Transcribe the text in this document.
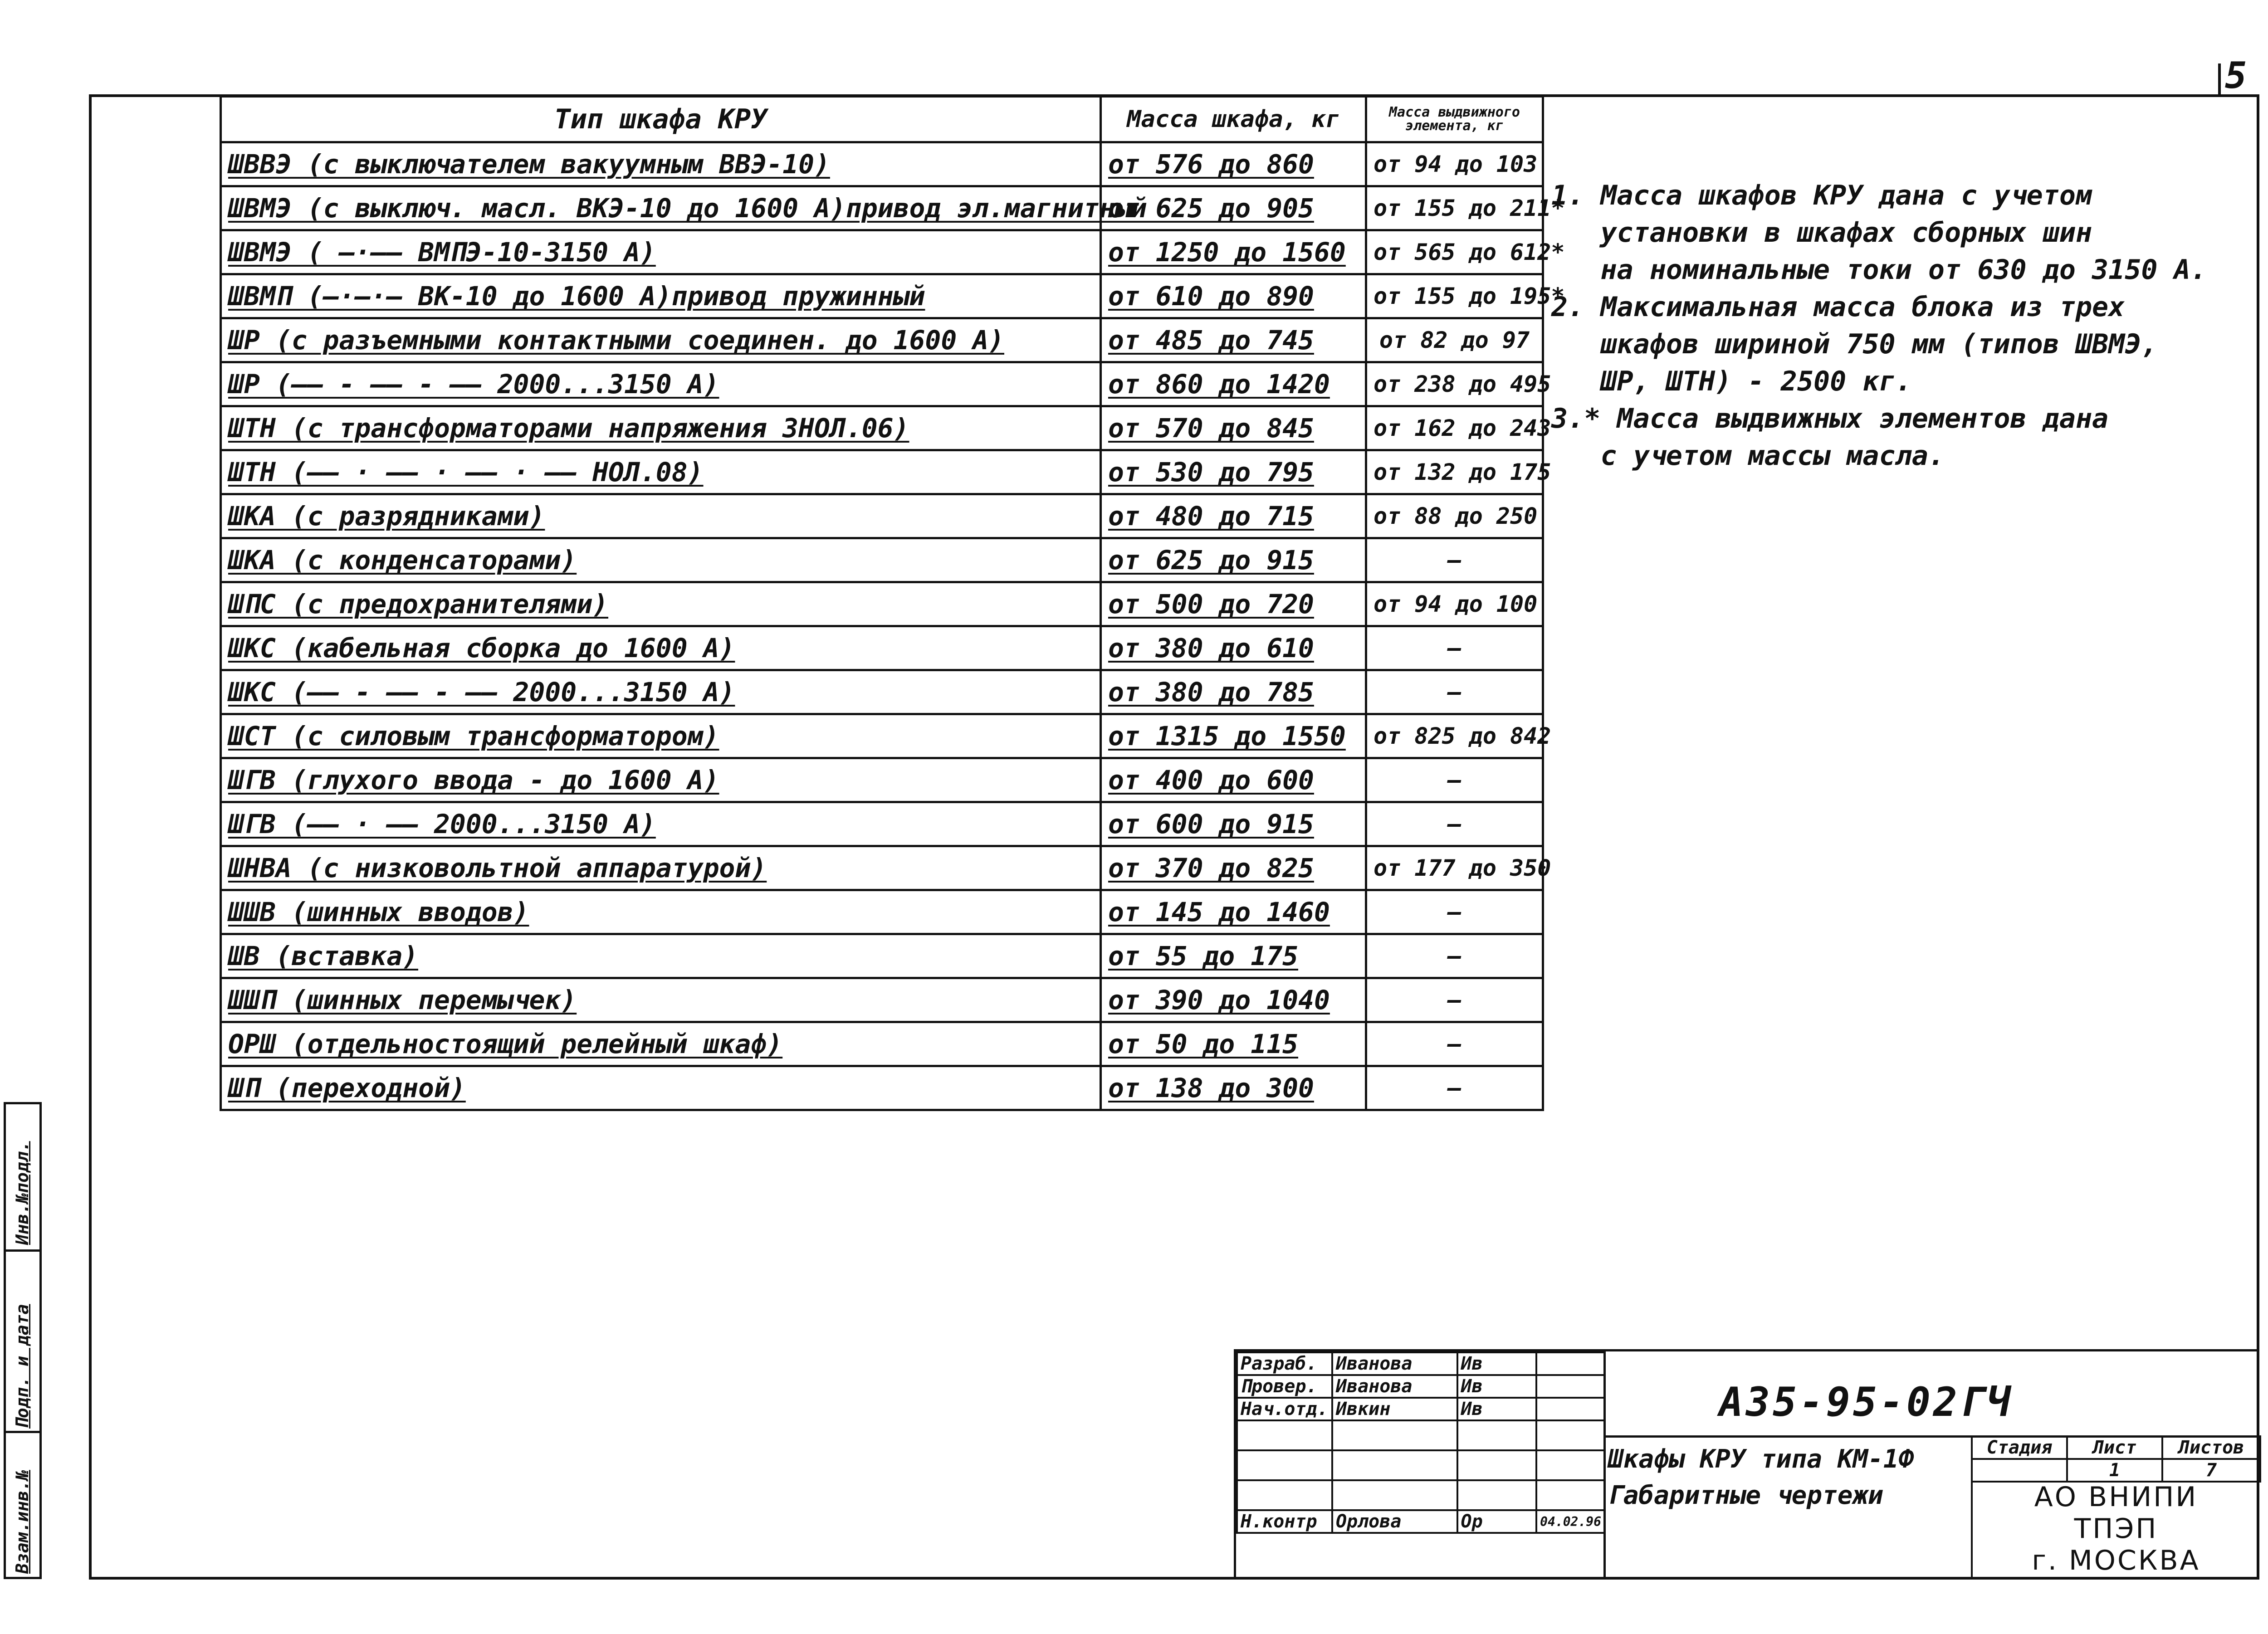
5
Тип шкафа КРУ	Масса шкафа, кг	Масса выдвижного элемента, кг
ШВВЭ (с выключателем вакуумным ВВЭ-10)	от 576 до 860	от 94 до 103
ШВМЭ (с выключ. масл. ВКЭ-10 до 1600 А)привод эл.магнитный	от 625 до 905	от 155 до 211*
ШВМЭ ( —·—— ВМПЭ-10-3150 А)	от 1250 до 1560	от 565 до 612*
ШВМП (—·—·— ВК-10 до 1600 А)привод пружинный	от 610 до 890	от 155 до 195*
ШР (с разъемными контактными соединен. до 1600 А)	от 485 до 745	от 82 до 97
ШР (—— - —— - —— 2000...3150 А)	от 860 до 1420	от 238 до 495
ШТН (с трансформаторами напряжения ЗНОЛ.06)	от 570 до 845	от 162 до 243
ШТН (—— · —— · —— · —— НОЛ.08)	от 530 до 795	от 132 до 175
ШКА (с разрядниками)	от 480 до 715	от 88 до 250
ШКА (с конденсаторами)	от 625 до 915	—
ШПС (с предохранителями)	от 500 до 720	от 94 до 100
ШКС (кабельная сборка до 1600 А)	от 380 до 610	—
ШКС (—— - —— - —— 2000...3150 А)	от 380 до 785	—
ШСТ (с силовым трансформатором)	от 1315 до 1550	от 825 до 842
ШГВ (глухого ввода - до 1600 А)	от 400 до 600	—
ШГВ (—— · —— 2000...3150 А)	от 600 до 915	—
ШНВА (с низковольтной аппаратурой)	от 370 до 825	от 177 до 350
ШШВ (шинных вводов)	от 145 до 1460	—
ШВ (вставка)	от 55 до 175	—
ШШП (шинных перемычек)	от 390 до 1040	—
ОРШ (отдельностоящий релейный шкаф)	от 50 до 115	—
ШП (переходной)	от 138 до 300	—
1. Масса шкафов КРУ дана с учетом
установки в шкафах сборных шин
на номинальные токи от 630 до 3150 А.
2. Максимальная масса блока из трех
шкафов шириной 750 мм (типов ШВМЭ,
ШР, ШТН) - 2500 кг.
3.* Масса выдвижных элементов дана
с учетом массы масла.
Инв.№подл.
Подп. и дата
Взам.инв.№
Разраб.	Иванова	Ив	
Провер.	Иванова	Ив	
Нач.отд.	Ивкин	Ив	

Н.контр	Орлова	Ор	04.02.96
А35-95-02ГЧ
Шкафы КРУ типа КМ-1Ф
Габаритные чертежи
Стадия	Лист	Листов
	1	7
АО ВНИПИ
ТПЭП
г. МОСКВА
